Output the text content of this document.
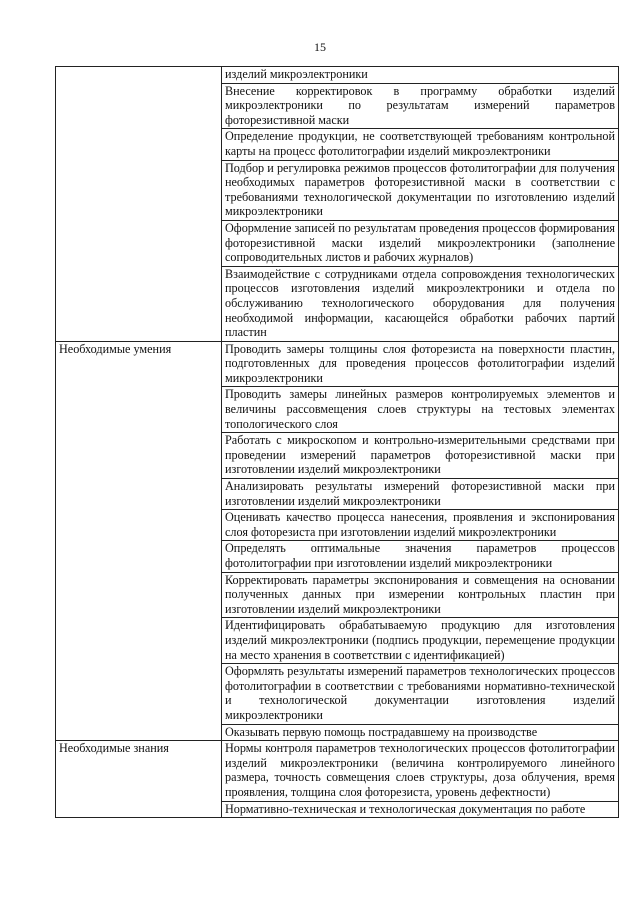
15
	изделий микроэлектроники
	Внесение корректировок в программу обработки изделий микроэлектроники по результатам измерений параметров фоторезистивной маски
	Определение продукции, не соответствующей требованиям контрольной карты на процесс фотолитографии изделий микроэлектроники
	Подбор и регулировка режимов процессов фотолитографии для получения необходимых параметров фоторезистивной маски в соответствии с требованиями технологической документации по изготовлению изделий микроэлектроники
	Оформление записей по результатам проведения процессов формирования фоторезистивной маски изделий микроэлектроники (заполнение сопроводительных листов и рабочих журналов)
	Взаимодействие с сотрудниками отдела сопровождения технологических процессов изготовления изделий микроэлектроники и отдела по обслуживанию технологического оборудования для получения необходимой информации, касающейся обработки рабочих партий пластин
Необходимые умения	Проводить замеры толщины слоя фоторезиста на поверхности пластин, подготовленных для проведения процессов фотолитографии изделий микроэлектроники
	Проводить замеры линейных размеров контролируемых элементов и величины рассовмещения слоев структуры на тестовых элементах топологического слоя
	Работать с микроскопом и контрольно-измерительными средствами при проведении измерений параметров фоторезистивной маски при изготовлении изделий микроэлектроники
	Анализировать результаты измерений фоторезистивной маски при изготовлении изделий микроэлектроники
	Оценивать качество процесса нанесения, проявления и экспонирования слоя фоторезиста при изготовлении изделий микроэлектроники
	Определять оптимальные значения параметров процессов фотолитографии при изготовлении изделий микроэлектроники
	Корректировать параметры экспонирования и совмещения на основании полученных данных при измерении контрольных пластин при изготовлении изделий микроэлектроники
	Идентифицировать обрабатываемую продукцию для изготовления изделий микроэлектроники (подпись продукции, перемещение продукции на место хранения в соответствии с идентификацией)
	Оформлять результаты измерений параметров технологических процессов фотолитографии в соответствии с требованиями нормативно-технической и технологической документации изготовления изделий микроэлектроники
	Оказывать первую помощь пострадавшему на производстве
Необходимые знания	Нормы контроля параметров технологических процессов фотолитографии изделий микроэлектроники (величина контролируемого линейного размера, точность совмещения слоев структуры, доза облучения, время проявления, толщина слоя фоторезиста, уровень дефектности)
	Нормативно-техническая и технологическая документация по работе
